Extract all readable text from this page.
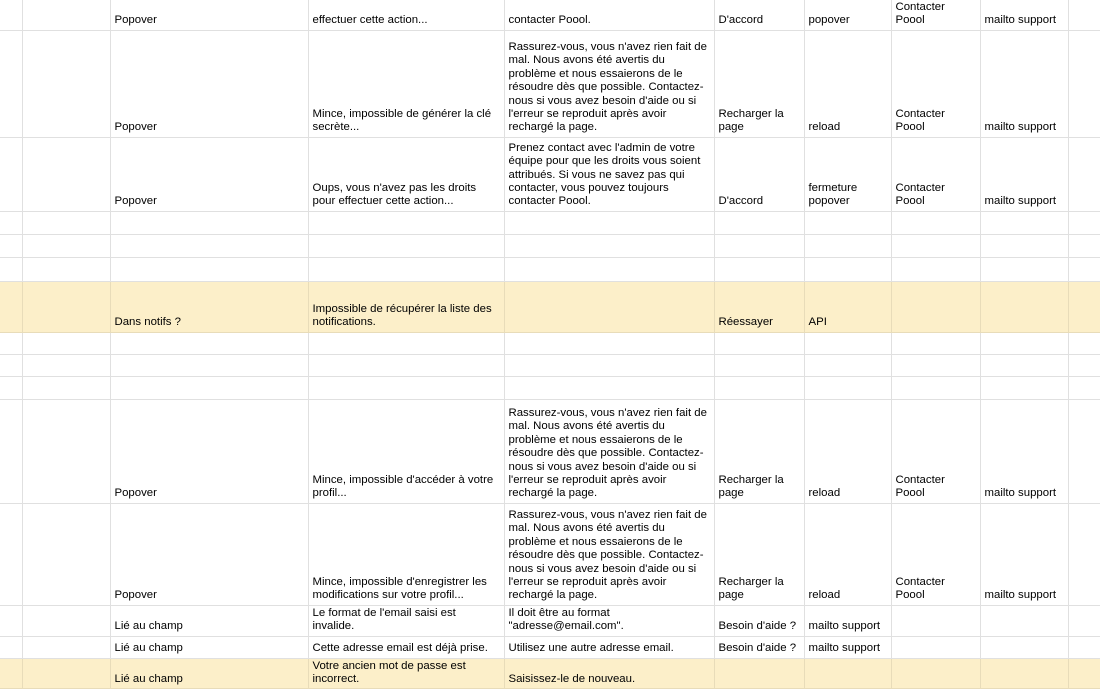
		Popover	effectuer cette action...	contacter Poool.	D'accord	popover	Contacter Poool	mailto support	
		Popover	Mince, impossible de générer la clé secrète...	Rassurez-vous, vous n'avez rien fait de mal. Nous avons été avertis du problème et nous essaierons de le résoudre dès que possible. Contactez-nous si vous avez besoin d'aide ou si l'erreur se reproduit après avoir rechargé la page.	Recharger la page	reload	Contacter Poool	mailto support	
		Popover	Oups, vous n'avez pas les droits pour effectuer cette action...	Prenez contact avec l'admin de votre équipe pour que les droits vous soient attribués. Si vous ne savez pas qui contacter, vous pouvez toujours contacter Poool.	D'accord	fermeture popover	Contacter Poool	mailto support	

		Dans notifs ?	Impossible de récupérer la liste des notifications.		Réessayer	API			

		Popover	Mince, impossible d'accéder à votre profil...	Rassurez-vous, vous n'avez rien fait de mal. Nous avons été avertis du problème et nous essaierons de le résoudre dès que possible. Contactez-nous si vous avez besoin d'aide ou si l'erreur se reproduit après avoir rechargé la page.	Recharger la page	reload	Contacter Poool	mailto support	
		Popover	Mince, impossible d'enregistrer les modifications sur votre profil...	Rassurez-vous, vous n'avez rien fait de mal. Nous avons été avertis du problème et nous essaierons de le résoudre dès que possible. Contactez-nous si vous avez besoin d'aide ou si l'erreur se reproduit après avoir rechargé la page.	Recharger la page	reload	Contacter Poool	mailto support	
		Lié au champ	Le format de l'email saisi est invalide.	Il doit être au format "adresse@email.com".	Besoin d'aide ?	mailto support			
		Lié au champ	Cette adresse email est déjà prise.	Utilisez une autre adresse email.	Besoin d'aide ?	mailto support			
		Lié au champ	Votre ancien mot de passe est incorrect.	Saisissez-le de nouveau.					
